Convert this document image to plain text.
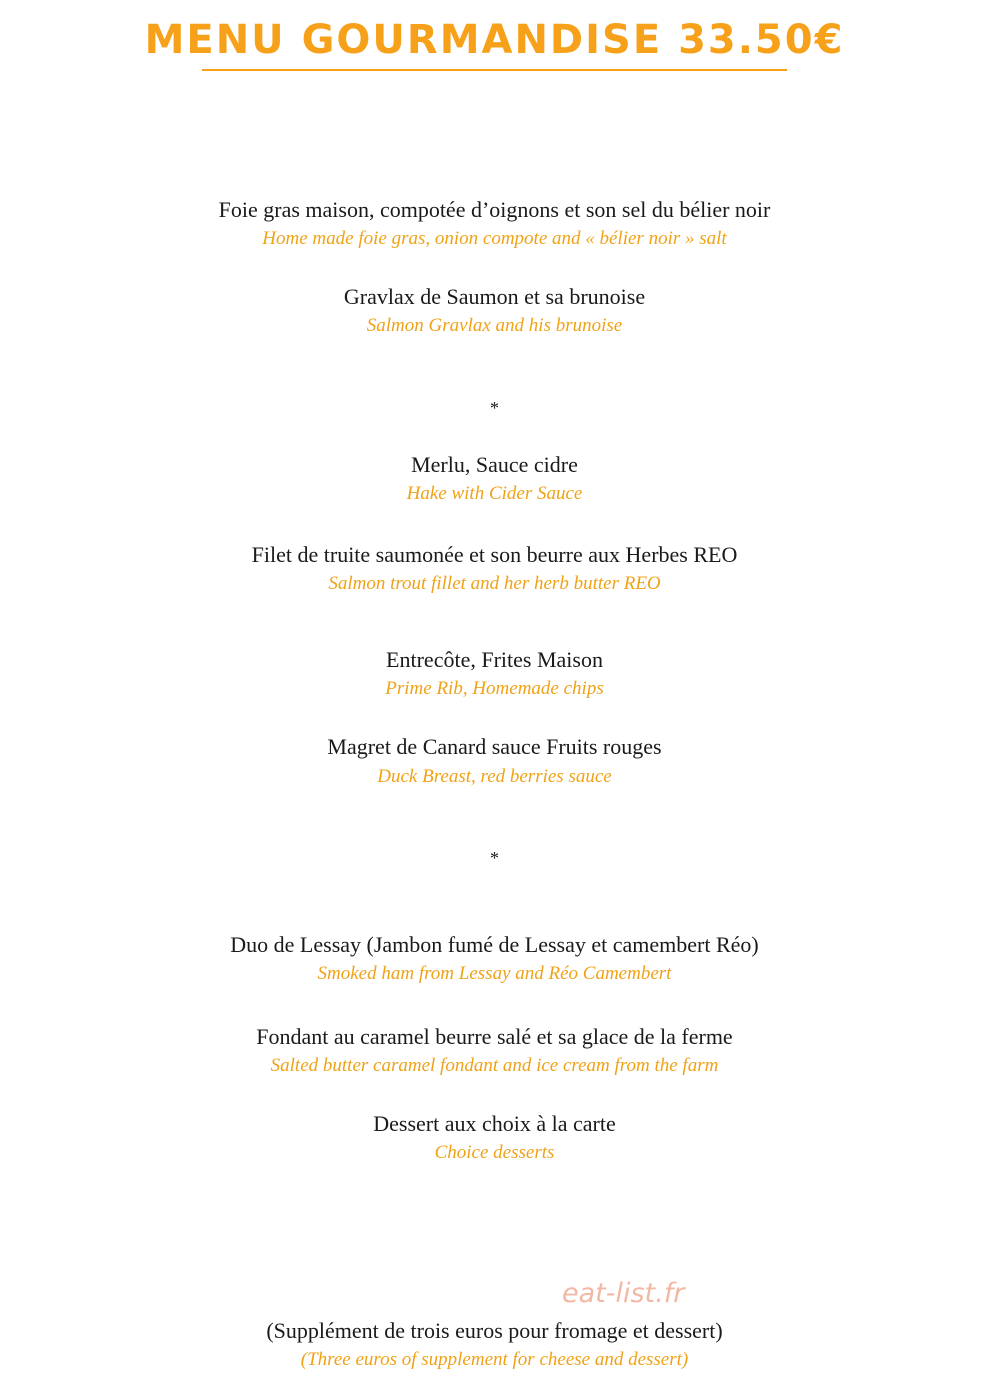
MENU GOURMANDISE 33.50€
Foie gras maison, compotée d’oignons et son sel du bélier noir
Home made foie gras, onion compote and « bélier noir » salt
Gravlax de Saumon et sa brunoise
Salmon Gravlax and his brunoise
*
Merlu, Sauce cidre
Hake with Cider Sauce
Filet de truite saumonée et son beurre aux Herbes REO
Salmon trout fillet and her herb butter REO
Entrecôte, Frites Maison
Prime Rib, Homemade chips
Magret de Canard sauce Fruits rouges
Duck Breast, red berries sauce
*
Duo de Lessay (Jambon fumé de Lessay et camembert Réo)
Smoked ham from Lessay and Réo Camembert
Fondant au caramel beurre salé et sa glace de la ferme
Salted butter caramel fondant and ice cream from the farm
Dessert aux choix à la carte
Choice desserts
eat-list.fr
(Supplément de trois euros pour fromage et dessert)
(Three euros of supplement for cheese and dessert)
